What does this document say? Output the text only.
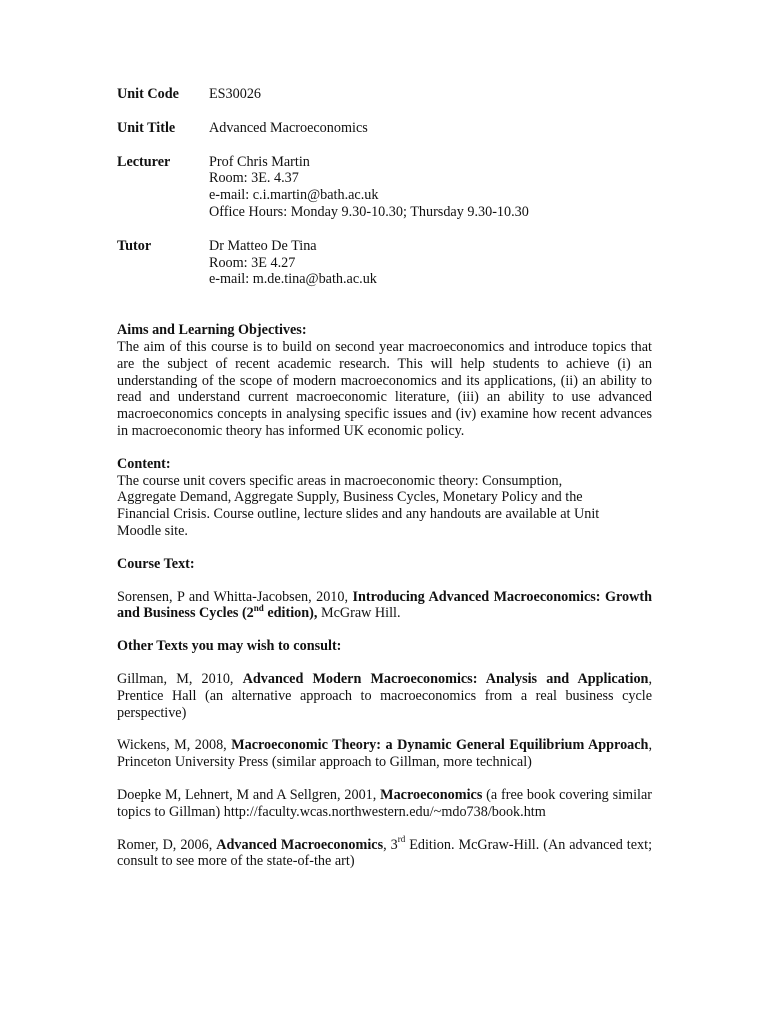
Unit Code	ES30026
Unit Title	Advanced Macroeconomics
Lecturer	Prof Chris Martin
Room: 3E. 4.37
e-mail: c.i.martin@bath.ac.uk
Office Hours: Monday 9.30-10.30; Thursday 9.30-10.30
Tutor	Dr Matteo De Tina
Room: 3E 4.27
e-mail: m.de.tina@bath.ac.uk
Aims and Learning Objectives:
The aim of this course is to build on second year macroeconomics and introduce topics that are the subject of recent academic research. This will help students to achieve (i) an understanding of the scope of modern macroeconomics and its applications, (ii) an ability to read and understand current macroeconomic literature, (iii) an ability to use advanced macroeconomics concepts in analysing specific issues and (iv) examine how recent advances in macroeconomic theory has informed UK economic policy.
Content:
The course unit covers specific areas in macroeconomic theory: Consumption,
Aggregate Demand, Aggregate Supply, Business Cycles, Monetary Policy and the
Financial Crisis. Course outline, lecture slides and any handouts are available at Unit
Moodle site.
Course Text:
Sorensen, P and Whitta-Jacobsen, 2010, Introducing Advanced Macroeconomics: Growth and Business Cycles (2nd edition), McGraw Hill.
Other Texts you may wish to consult:
Gillman, M, 2010, Advanced Modern Macroeconomics: Analysis and Application, Prentice Hall (an alternative approach to macroeconomics from a real business cycle perspective)
Wickens, M, 2008, Macroeconomic Theory: a Dynamic General Equilibrium Approach, Princeton University Press (similar approach to Gillman, more technical)
Doepke M, Lehnert, M and A Sellgren, 2001, Macroeconomics (a free book covering similar topics to Gillman) http://faculty.wcas.northwestern.edu/~mdo738/book.htm
Romer, D, 2006, Advanced Macroeconomics, 3rd Edition. McGraw-Hill. (An advanced text; consult to see more of the state-of-the art)
